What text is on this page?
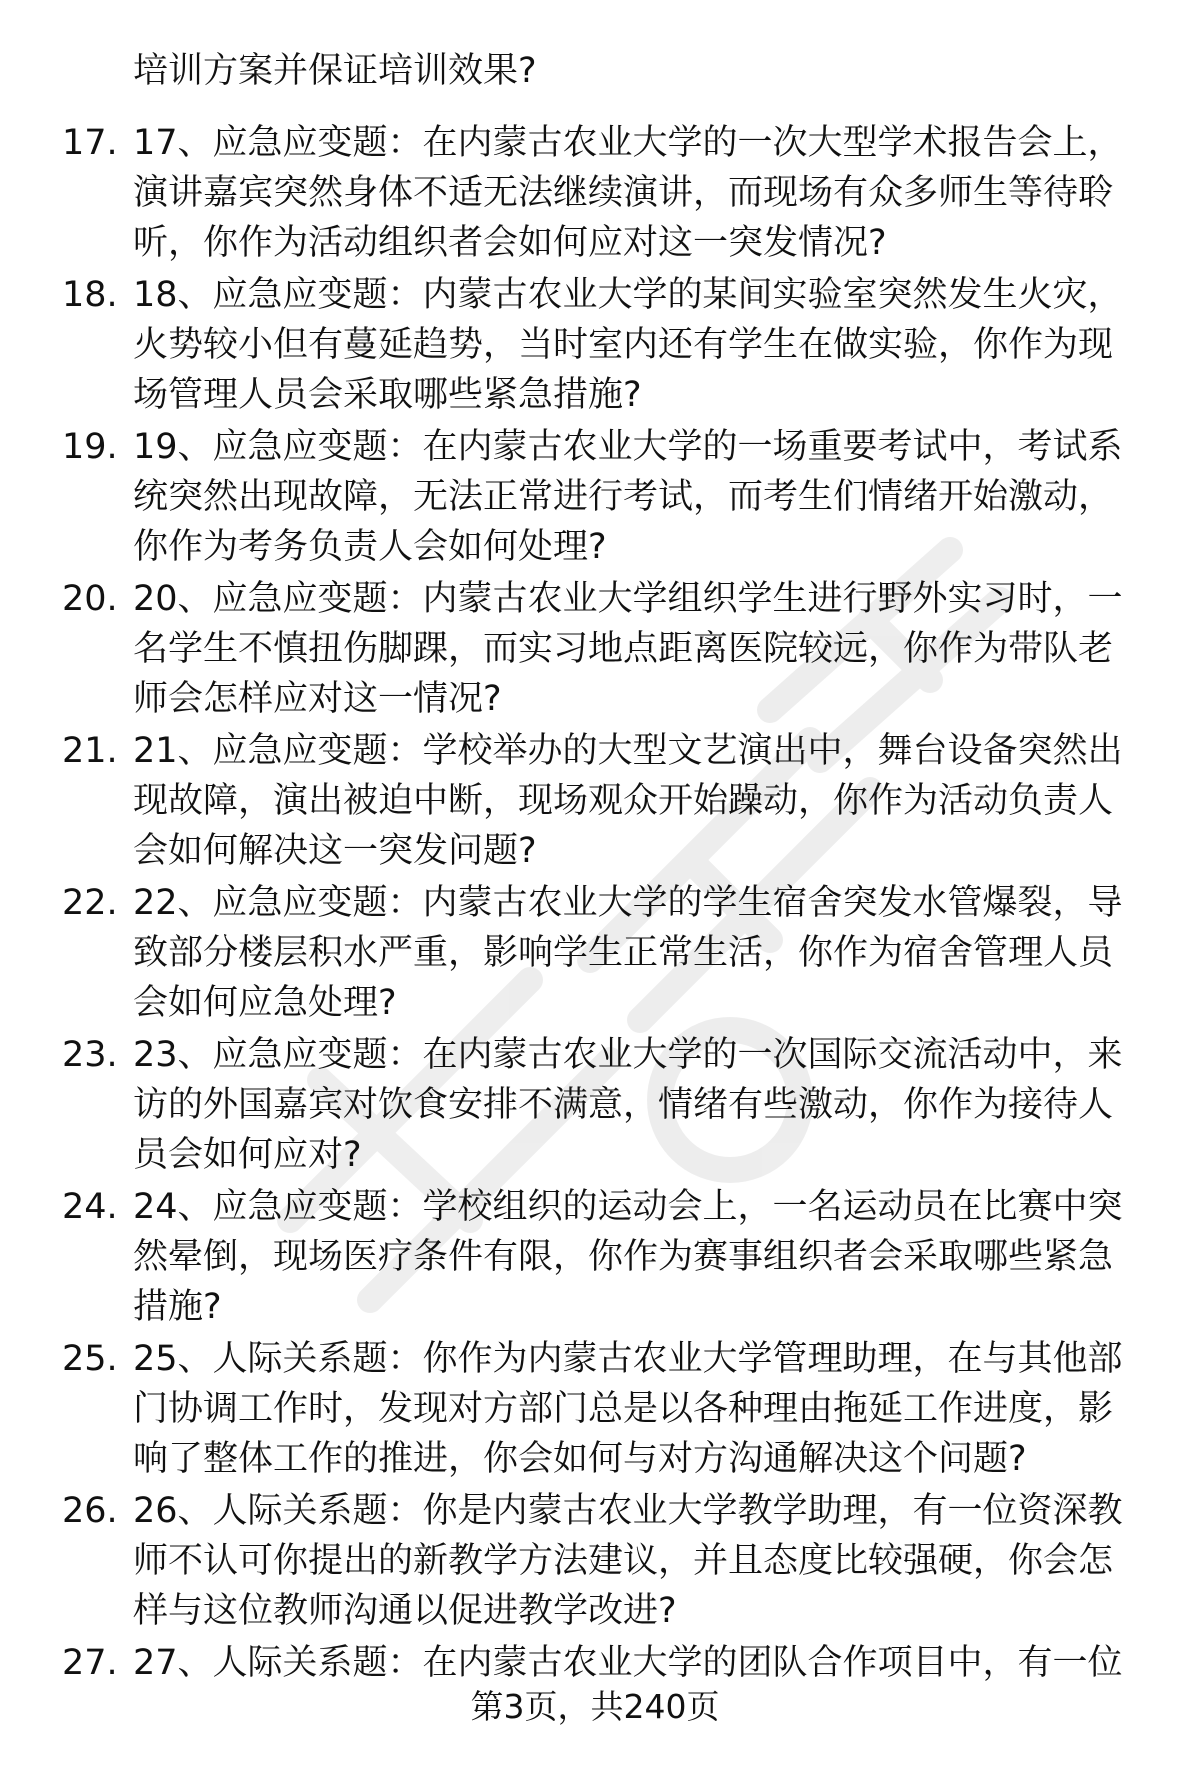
培训方案并保证培训效果?
17. 17、应急应变题：在内蒙古农业大学的一次大型学术报告会上，
演讲嘉宾突然身体不适无法继续演讲，而现场有众多师生等待聆
听，你作为活动组织者会如何应对这一突发情况?

18. 18、应急应变题：内蒙古农业大学的某间实验室突然发生火灾，
火势较小但有蔓延趋势，当时室内还有学生在做实验，你作为现
场管理人员会采取哪些紧急措施?

19. 19、应急应变题：在内蒙古农业大学的一场重要考试中，考试系
统突然出现故障，无法正常进行考试，而考生们情绪开始激动，
你作为考务负责人会如何处理?

20. 20、应急应变题：内蒙古农业大学组织学生进行野外实习时，一
名学生不慎扭伤脚踝，而实习地点距离医院较远，你作为带队老
师会怎样应对这一情况?

21. 21、应急应变题：学校举办的大型文艺演出中，舞台设备突然出
现故障，演出被迫中断，现场观众开始躁动，你作为活动负责人
会如何解决这一突发问题?

22. 22、应急应变题：内蒙古农业大学的学生宿舍突发水管爆裂，导
致部分楼层积水严重，影响学生正常生活，你作为宿舍管理人员
会如何应急处理?

23. 23、应急应变题：在内蒙古农业大学的一次国际交流活动中，来
访的外国嘉宾对饮食安排不满意，情绪有些激动，你作为接待人
员会如何应对?

24. 24、应急应变题：学校组织的运动会上，一名运动员在比赛中突
然晕倒，现场医疗条件有限，你作为赛事组织者会采取哪些紧急
措施?

25. 25、人际关系题：你作为内蒙古农业大学管理助理，在与其他部
门协调工作时，发现对方部门总是以各种理由拖延工作进度，影
响了整体工作的推进，你会如何与对方沟通解决这个问题?

26. 26、人际关系题：你是内蒙古农业大学教学助理，有一位资深教
师不认可你提出的新教学方法建议，并且态度比较强硬，你会怎
样与这位教师沟通以促进教学改进?

27. 27、人际关系题：在内蒙古农业大学的团队合作项目中，有一位

第3页，共240页
